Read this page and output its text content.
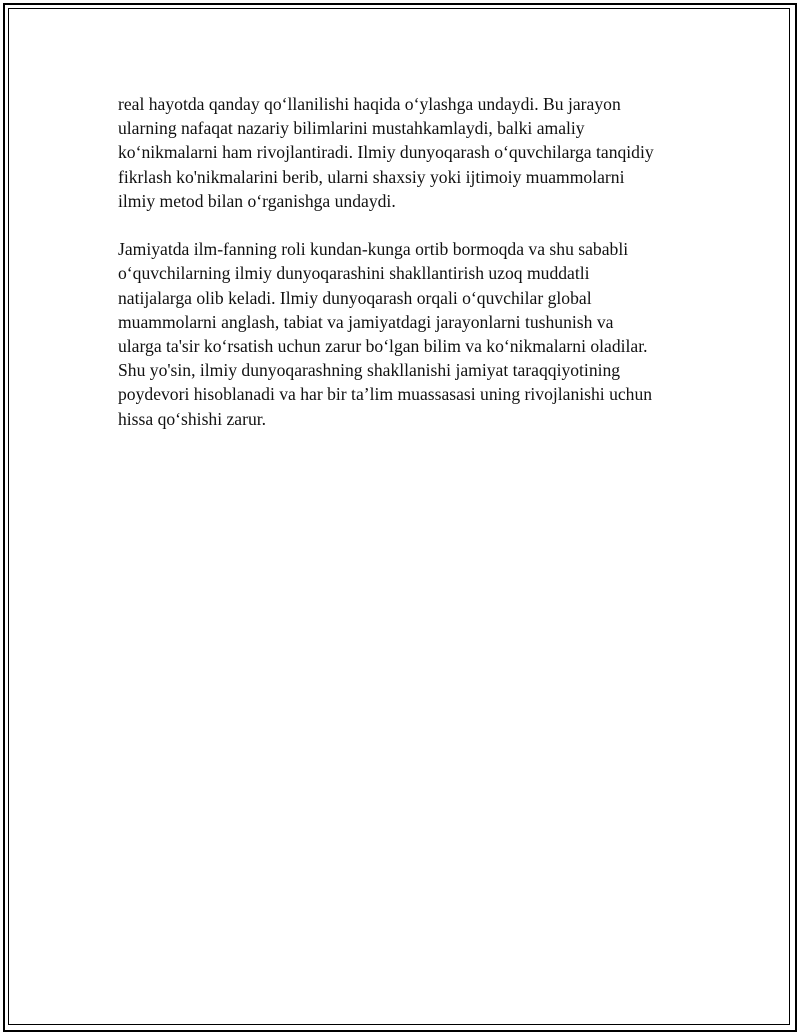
real hayotda qanday qo‘llanilishi haqida o‘ylashga undaydi. Bu jarayon
ularning nafaqat nazariy bilimlarini mustahkamlaydi, balki amaliy
ko‘nikmalarni ham rivojlantiradi. Ilmiy dunyoqarash o‘quvchilarga tanqidiy
fikrlash ko'nikmalarini berib, ularni shaxsiy yoki ijtimoiy muammolarni
ilmiy metod bilan o‘rganishga undaydi.

Jamiyatda ilm-fanning roli kundan-kunga ortib bormoqda va shu sababli
o‘quvchilarning ilmiy dunyoqarashini shakllantirish uzoq muddatli
natijalarga olib keladi. Ilmiy dunyoqarash orqali o‘quvchilar global
muammolarni anglash, tabiat va jamiyatdagi jarayonlarni tushunish va
ularga ta'sir ko‘rsatish uchun zarur bo‘lgan bilim va ko‘nikmalarni oladilar.
Shu yo'sin, ilmiy dunyoqarashning shakllanishi jamiyat taraqqiyotining
poydevori hisoblanadi va har bir ta’lim muassasasi uning rivojlanishi uchun
hissa qo‘shishi zarur.
